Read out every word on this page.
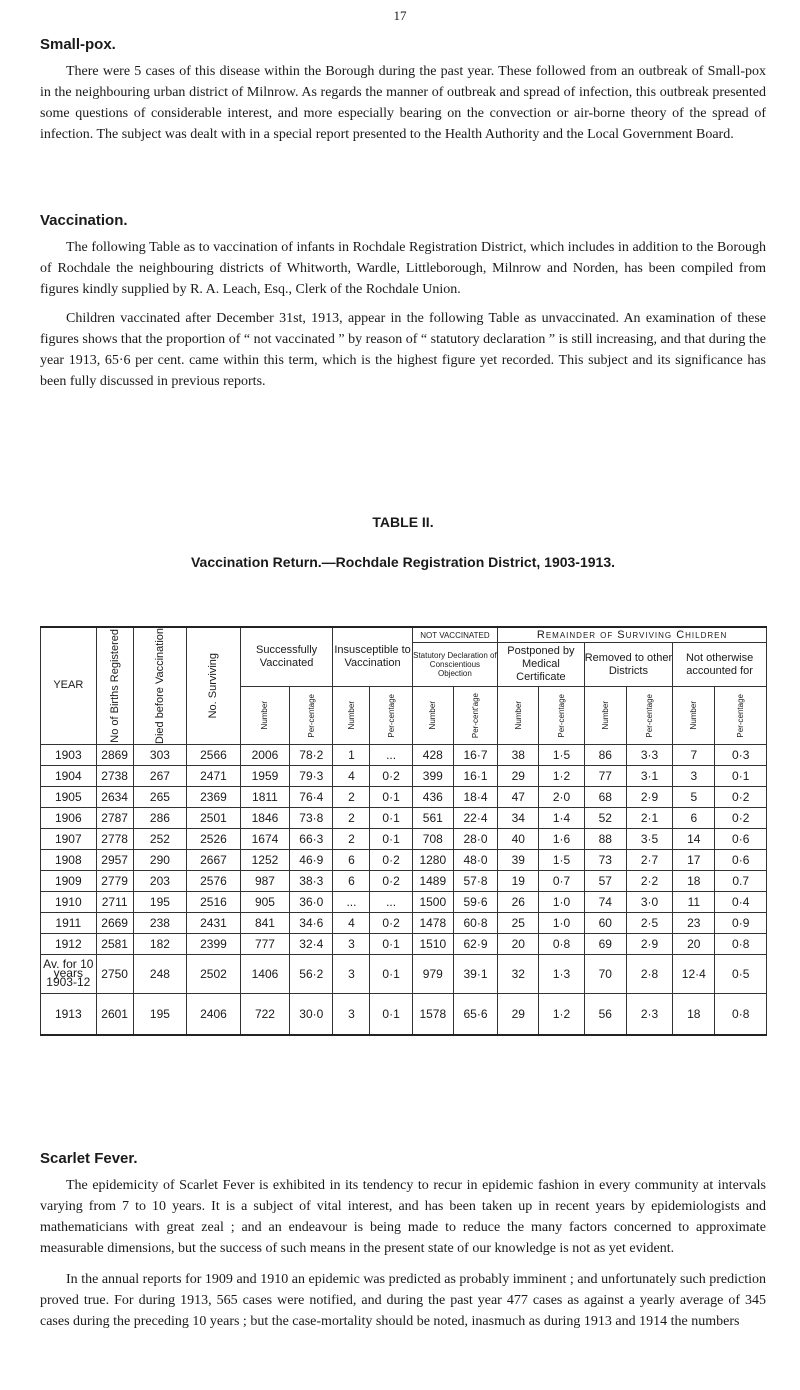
17
Small-pox.

There were 5 cases of this disease within the Borough during the past year. These followed from an outbreak of Small-pox in the neighbouring urban district of Milnrow. As regards the manner of outbreak and spread of infection, this outbreak presented some questions of considerable interest, and more especially bearing on the convection or air-borne theory of the spread of infection. The subject was dealt with in a special report presented to the Health Authority and the Local Government Board.

Vaccination.

The following Table as to vaccination of infants in Rochdale Registration District, which includes in addition to the Borough of Rochdale the neighbouring districts of Whitworth, Wardle, Littleborough, Milnrow and Norden, has been compiled from figures kindly supplied by R. A. Leach, Esq., Clerk of the Rochdale Union.

Children vaccinated after December 31st, 1913, appear in the following Table as unvaccinated. An examination of these figures shows that the proportion of “ not vaccinated ” by reason of “ statutory declaration ” is still increasing, and that during the year 1913, 65·6 per cent. came within this term, which is the highest figure yet recorded. This subject and its significance has been fully discussed in previous reports.

TABLE II.
Vaccination Return.—Rochdale Registration District, 1903-1913.
YEAR	No of Births Registered	Died before Vaccination	No. Surviving	Successfully Vaccinated		Insusceptible to Vaccination		NOT VACCINATED		Remainder of Surviving Children					
								Statutory Declaration of Conscientious Objection		Postponed by Medical Certificate		Removed to other Districts		Not otherwise accounted for	

				Number	Per-centage	Number	Per-centage	Number	Per-cent'age	Number	Per-centage	Number	Per-centage	Number	Per-centage

1903	2869	303	2566	2006	78·2	1	...	428	16·7	38	1·5	86	3·3	7	0·3
1904	2738	267	2471	1959	79·3	4	0·2	399	16·1	29	1·2	77	3·1	3	0·1
1905	2634	265	2369	1811	76·4	2	0·1	436	18·4	47	2·0	68	2·9	5	0·2
1906	2787	286	2501	1846	73·8	2	0·1	561	22·4	34	1·4	52	2·1	6	0·2
1907	2778	252	2526	1674	66·3	2	0·1	708	28·0	40	1·6	88	3·5	14	0·6
1908	2957	290	2667	1252	46·9	6	0·2	1280	48·0	39	1·5	73	2·7	17	0·6
1909	2779	203	2576	987	38·3	6	0·2	1489	57·8	19	0·7	57	2·2	18	0.7
1910	2711	195	2516	905	36·0	...	...	1500	59·6	26	1·0	74	3·0	11	0·4
1911	2669	238	2431	841	34·6	4	0·2	1478	60·8	25	1·0	60	2·5	23	0·9
1912	2581	182	2399	777	32·4	3	0·1	1510	62·9	20	0·8	69	2·9	20	0·8
Av. for 10 years 1903-12	2750	248	2502	1406	56·2	3	0·1	979	39·1	32	1·3	70	2·8	12·4	0·5
1913	2601	195	2406	722	30·0	3	0·1	1578	65·6	29	1·2	56	2·3	18	0·8
Scarlet Fever.

The epidemicity of Scarlet Fever is exhibited in its tendency to recur in epidemic fashion in every community at intervals varying from 7 to 10 years. It is a subject of vital interest, and has been taken up in recent years by epidemiologists and mathematicians with great zeal ; and an endeavour is being made to reduce the many factors concerned to approximate measurable dimensions, but the success of such means in the present state of our knowledge is not as yet evident.

In the annual reports for 1909 and 1910 an epidemic was predicted as probably imminent ; and unfortunately such prediction proved true. For during 1913, 565 cases were notified, and during the past year 477 cases as against a yearly average of 345 cases during the preceding 10 years ; but the case-mortality should be noted, inasmuch as during 1913 and 1914 the numbers
